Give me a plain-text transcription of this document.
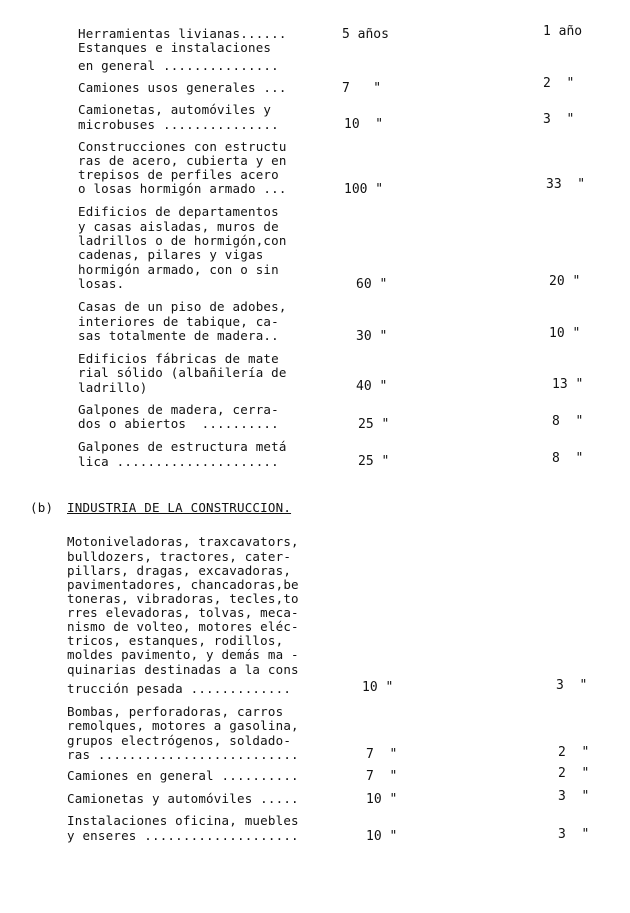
Herramientas livianas......
Estanques e instalaciones
en general ...............
5 años	1 año
Camiones usos generales ...	7   "	2  "
Camionetas, automóviles y
microbuses ...............	10  "	3  "
Construcciones con estructu
ras de acero, cubierta y en
trepisos de perfiles acero
o losas hormigón armado ...	100 "	33  "
Edificios de departamentos
y casas aisladas, muros de
ladrillos o de hormigón,con
cadenas, pilares y vigas
hormigón armado, con o sin
losas.	60 "	20 "
Casas de un piso de adobes,
interiores de tabique, ca-
sas totalmente de madera..	30 "	10 "
Edificios fábricas de mate
rial sólido (albañilería de
ladrillo)	40 "	13 "
Galpones de madera, cerra-
dos o abiertos  ..........	25 "	8  "
Galpones de estructura metá
lica .....................	25 "	8  "
(b) INDUSTRIA DE LA CONSTRUCCION.
Motoniveladoras, traxcavators,
bulldozers, tractores, cater-
pillars, dragas, excavadoras,
pavimentadores, chancadoras,be
toneras, vibradoras, tecles,to
rres elevadoras, tolvas, meca-
nismo de volteo, motores eléc-
tricos, estanques, rodillos,
moldes pavimento, y demás ma -
quinarias destinadas a la cons
trucción pesada .............	10 "	3  "
Bombas, perforadoras, carros
remolques, motores a gasolina,
grupos electrógenos, soldado-
ras ..........................	7  "	2  "
Camiones en general ..........	7  "	2  "
Camionetas y automóviles .....	10 "	3  "
Instalaciones oficina, muebles
y enseres ....................	10 "	3  "
